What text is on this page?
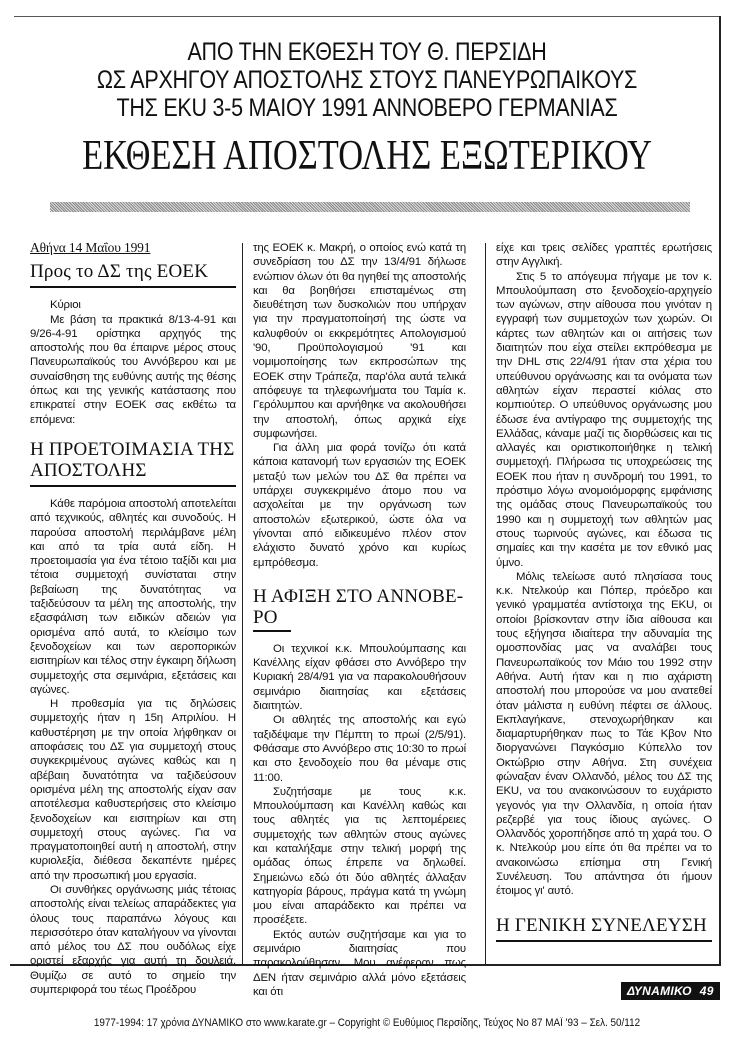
ΑΠΟ ΤΗΝ ΕΚΘΕΣΗ ΤΟΥ Θ. ΠΕΡΣΙΔΗ
ΩΣ ΑΡΧΗΓΟΥ ΑΠΟΣΤΟΛΗΣ ΣΤΟΥΣ ΠΑΝΕΥΡΩΠΑΙΚΟΥΣ
ΤΗΣ EKU 3-5 ΜΑΙΟΥ 1991 ΑΝΝΟΒΕΡΟ ΓΕΡΜΑΝΙΑΣ
ΕΚΘΕΣΗ ΑΠΟΣΤΟΛΗΣ ΕΞΩΤΕΡΙΚΟΥ
Αθήνα 14 Μαΐου 1991
Προς το ΔΣ της ΕΟΕΚ

Κύριοι

Με βάση τα πρακτικά 8/13-4-91 και 9/26-4-91 ορίστηκα αρχηγός της αποστολής που θα έπαιρνε μέρος στους Πανευρωπαϊκούς του Αννόβερου και με συναίσθηση της ευθύνης αυτής της θέσης όπως και της γενικής κατάστασης που επικρατεί στην ΕΟΕΚ σας εκθέτω τα επόμενα:

Η ΠΡΟΕΤΟΙΜΑΣΙΑ ΤΗΣ ΑΠΟΣΤΟΛΗΣ

Κάθε παρόμοια αποστολή αποτελείται από τεχνικούς, αθλητές και συνοδούς. Η παρούσα αποστολή περιλάμβανε μέλη και από τα τρία αυτά είδη. Η προετοιμασία για ένα τέτοιο ταξίδι και μια τέτοια συμμετοχή συνίσταται στην βεβαίωση της δυνατότητας να ταξιδεύσουν τα μέλη της αποστολής, την εξασφάλιση των ειδικών αδειών για ορισμένα από αυτά, το κλείσιμο των ξενοδοχείων και των αεροπορικών εισιτηρίων και τέλος στην έγκαιρη δήλωση συμμετοχής στα σεμινάρια, εξετάσεις και αγώνες.

Η προθεσμία για τις δηλώσεις συμμετοχής ήταν η 15η Απριλίου. Η καθυστέρηση με την οποία λήφθηκαν οι αποφάσεις του ΔΣ για συμμετοχή στους συγκεκριμένους αγώνες καθώς και η αβέβαιη δυνατότητα να ταξιδεύσουν ορισμένα μέλη της αποστολής είχαν σαν αποτέλεσμα καθυστερήσεις στο κλείσιμο ξενοδοχείων και εισιτηρίων και στη συμμετοχή στους αγώνες. Για να πραγματοποιηθεί αυτή η αποστολή, στην κυριολεξία, διέθεσα δεκαπέντε ημέρες από την προσωπική μου εργασία.

Οι συνθήκες οργάνωσης μιάς τέτοιας αποστολής είναι τελείως απαράδεκτες για όλους τους παραπάνω λόγους και περισσότερο όταν καταλήγουν να γίνονται από μέλος του ΔΣ που ουδόλως είχε οριστεί εξαρχής για αυτή τη δουλειά. Θυμίζω σε αυτό το σημείο την συμπεριφορά του τέως Προέδρου

της ΕΟΕΚ κ. Μακρή, ο οποίος ενώ κατά τη συνεδρίαση του ΔΣ την 13/4/91 δήλωσε ενώπιον όλων ότι θα ηγηθεί της αποστολής και θα βοηθήσει επισταμένως στη διευθέτηση των δυσκολιών που υπήρχαν για την πραγματοποίησή της ώστε να καλυφθούν οι εκκρεμότητες Απολογισμού '90, Προϋπολογισμού '91 και νομιμοποίησης των εκπροσώπων της ΕΟΕΚ στην Τράπεζα, παρ'όλα αυτά τελικά απόφευγε τα τηλεφωνήματα του Ταμία κ. Γερόλυμπου και αρνήθηκε να ακολουθήσει την αποστολή, όπως αρχικά είχε συμφωνήσει.

Για άλλη μια φορά τονίζω ότι κατά κάποια κατανομή των εργασιών της ΕΟΕΚ μεταξύ των μελών του ΔΣ θα πρέπει να υπάρχει συγκεκριμένο άτομο που να ασχολείται με την οργάνωση των αποστολών εξωτερικού, ώστε όλα να γίνονται από ειδικευμένο πλέον στον ελάχιστο δυνατό χρόνο και κυρίως εμπρόθεσμα.

Η ΑΦΙΞΗ ΣΤΟ ΑΝΝΟΒΕ-ΡΟ

Οι τεχνικοί κ.κ. Μπουλούμπασης και Κανέλλης είχαν φθάσει στο Αννόβερο την Κυριακή 28/4/91 για να παρακολουθήσουν σεμινάριο διαιτησίας και εξετάσεις διαιτητών.

Οι αθλητές της αποστολής και εγώ ταξιδέψαμε την Πέμπτη το πρωί (2/5/91). Φθάσαμε στο Αννόβερο στις 10:30 το πρωί και στο ξενοδοχείο που θα μέναμε στις 11:00.

Συζητήσαμε με τους κ.κ. Μπουλούμπαση και Κανέλλη καθώς και τους αθλητές για τις λεπτομέρειες συμμετοχής των αθλητών στους αγώνες και καταλήξαμε στην τελική μορφή της ομάδας όπως έπρεπε να δηλωθεί. Σημειώνω εδώ ότι δύο αθλητές άλλαξαν κατηγορία βάρους, πράγμα κατά τη γνώμη μου είναι απαράδεκτο και πρέπει να προσέξετε.

Εκτός αυτών συζητήσαμε και για το σεμινάριο διαιτησίας που παρακολούθησαν. Μου ανέφεραν πως ΔΕΝ ήταν σεμινάριο αλλά μόνο εξετάσεις και ότι

είχε και τρεις σελίδες γραπτές ερωτήσεις στην Αγγλική.

Στις 5 το απόγευμα πήγαμε με τον κ. Μπουλούμπαση στο ξενοδοχείο-αρχηγείο των αγώνων, στην αίθουσα που γινόταν η εγγραφή των συμμετοχών των χωρών. Οι κάρτες των αθλητών και οι αιτήσεις των διαιτητών που είχα στείλει εκπρόθεσμα με την DHL στις 22/4/91 ήταν στα χέρια του υπεύθυνου οργάνωσης και τα ονόματα των αθλητών είχαν περαστεί κιόλας στο κομπιούτερ. Ο υπεύθυνος οργάνωσης μου έδωσε ένα αντίγραφο της συμμετοχής της Ελλάδας, κάναμε μαζί τις διορθώσεις και τις αλλαγές και οριστικοποιήθηκε η τελική συμμετοχή. Πλήρωσα τις υποχρεώσεις της ΕΟΕΚ που ήταν η συνδρομή του 1991, το πρόστιμο λόγω ανομοιόμορφης εμφάνισης της ομάδας στους Πανευρωπαϊκούς του 1990 και η συμμετοχή των αθλητών μας στους τωρινούς αγώνες, και έδωσα τις σημαίες και την κασέτα με τον εθνικό μας ύμνο.

Μόλις τελείωσε αυτό πλησίασα τους κ.κ. Ντελκούρ και Πόπερ, πρόεδρο και γενικό γραμματέα αντίστοιχα της EKU, οι οποίοι βρίσκονταν στην ίδια αίθουσα και τους εξήγησα ιδιαίτερα την αδυναμία της ομοσπονδίας μας να αναλάβει τους Πανευρωπαϊκούς τον Μάιο του 1992 στην Αθήνα. Αυτή ήταν και η πιο αχάριστη αποστολή που μπορούσε να μου ανατεθεί όταν μάλιστα η ευθύνη πέφτει σε άλλους. Εκπλαγήκανε, στενοχωρήθηκαν και διαμαρτυρήθηκαν πως το Τάε Κβον Ντο διοργανώνει Παγκόσμιο Κύπελλο τον Οκτώβριο στην Αθήνα. Στη συνέχεια φώναξαν έναν Ολλανδό, μέλος του ΔΣ της EKU, να του ανακοινώσουν το ευχάριστο γεγονός για την Ολλανδία, η οποία ήταν ρεζερβέ για τους ίδιους αγώνες. Ο Ολλανδός χοροπήδησε από τη χαρά του. Ο κ. Ντελκούρ μου είπε ότι θα πρέπει να το ανακοινώσω επίσημα στη Γενική Συνέλευση. Του απάντησα ότι ήμουν έτοιμος γι' αυτό.

Η ΓΕΝΙΚΗ ΣΥΝΕΛΕΥΣΗ
ΔΥΝΑΜΙΚΟ 49
1977-1994: 17 χρόνια ΔΥΝΑΜΙΚΟ στο www.karate.gr – Copyright © Ευθύμιος Περσίδης, Τεύχος Νο 87 ΜΑΪ '93 – Σελ. 50/112
